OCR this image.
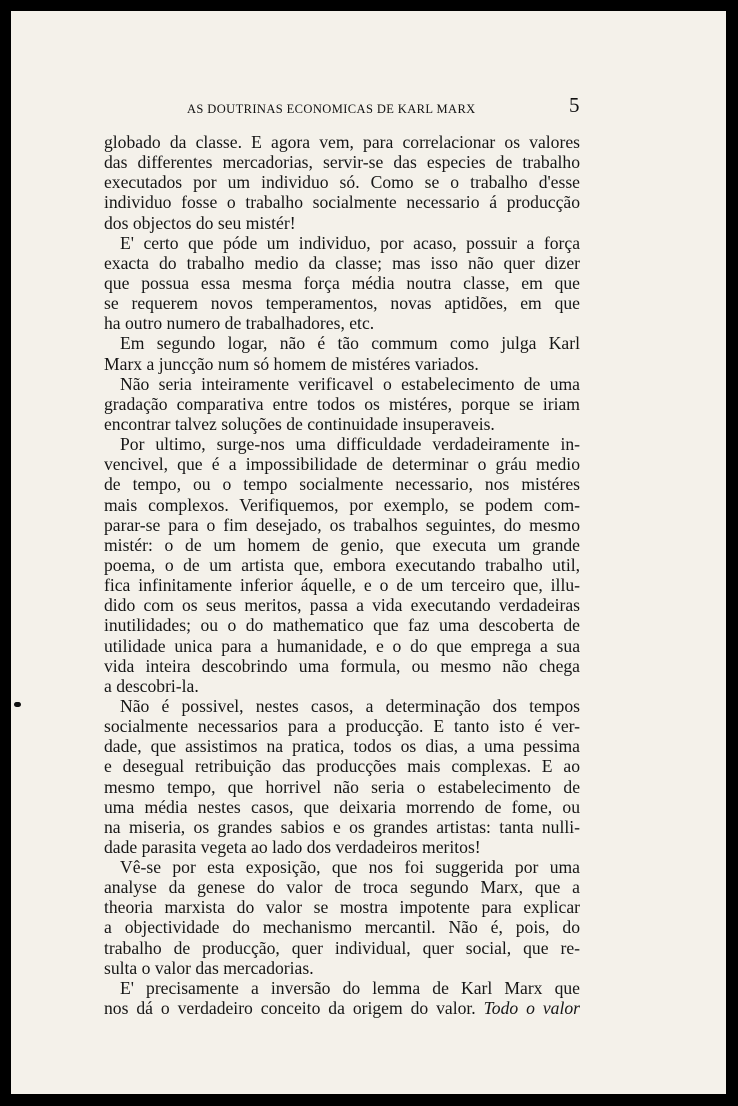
AS DOUTRINAS ECONOMICAS DE KARL MARX	5
globado da classe. E agora vem, para correlacionar os valores
das differentes mercadorias, servir-se das especies de trabalho
executados por um individuo só. Como se o trabalho d'esse
individuo fosse o trabalho socialmente necessario á producção
dos objectos do seu mistér!
E' certo que póde um individuo, por acaso, possuir a força
exacta do trabalho medio da classe; mas isso não quer dizer
que possua essa mesma força média noutra classe, em que
se requerem novos temperamentos, novas aptidões, em que
ha outro numero de trabalhadores, etc.
Em segundo logar, não é tão commum como julga Karl
Marx a juncção num só homem de mistéres variados.
Não seria inteiramente verificavel o estabelecimento de uma
gradação comparativa entre todos os mistéres, porque se iriam
encontrar talvez soluções de continuidade insuperaveis.
Por ultimo, surge-nos uma difficuldade verdadeiramente in-
vencivel, que é a impossibilidade de determinar o gráu medio
de tempo, ou o tempo socialmente necessario, nos mistéres
mais complexos. Verifiquemos, por exemplo, se podem com-
parar-se para o fim desejado, os trabalhos seguintes, do mesmo
mistér: o de um homem de genio, que executa um grande
poema, o de um artista que, embora executando trabalho util,
fica infinitamente inferior áquelle, e o de um terceiro que, illu-
dido com os seus meritos, passa a vida executando verdadeiras
inutilidades; ou o do mathematico que faz uma descoberta de
utilidade unica para a humanidade, e o do que emprega a sua
vida inteira descobrindo uma formula, ou mesmo não chega
a descobri-la.
Não é possivel, nestes casos, a determinação dos tempos
socialmente necessarios para a producção. E tanto isto é ver-
dade, que assistimos na pratica, todos os dias, a uma pessima
e desegual retribuição das producções mais complexas. E ao
mesmo tempo, que horrivel não seria o estabelecimento de
uma média nestes casos, que deixaria morrendo de fome, ou
na miseria, os grandes sabios e os grandes artistas: tanta nulli-
dade parasita vegeta ao lado dos verdadeiros meritos!
Vê-se por esta exposição, que nos foi suggerida por uma
analyse da genese do valor de troca segundo Marx, que a
theoria marxista do valor se mostra impotente para explicar
a objectividade do mechanismo mercantil. Não é, pois, do
trabalho de producção, quer individual, quer social, que re-
sulta o valor das mercadorias.
E' precisamente a inversão do lemma de Karl Marx que
nos dá o verdadeiro conceito da origem do valor. Todo o valor
